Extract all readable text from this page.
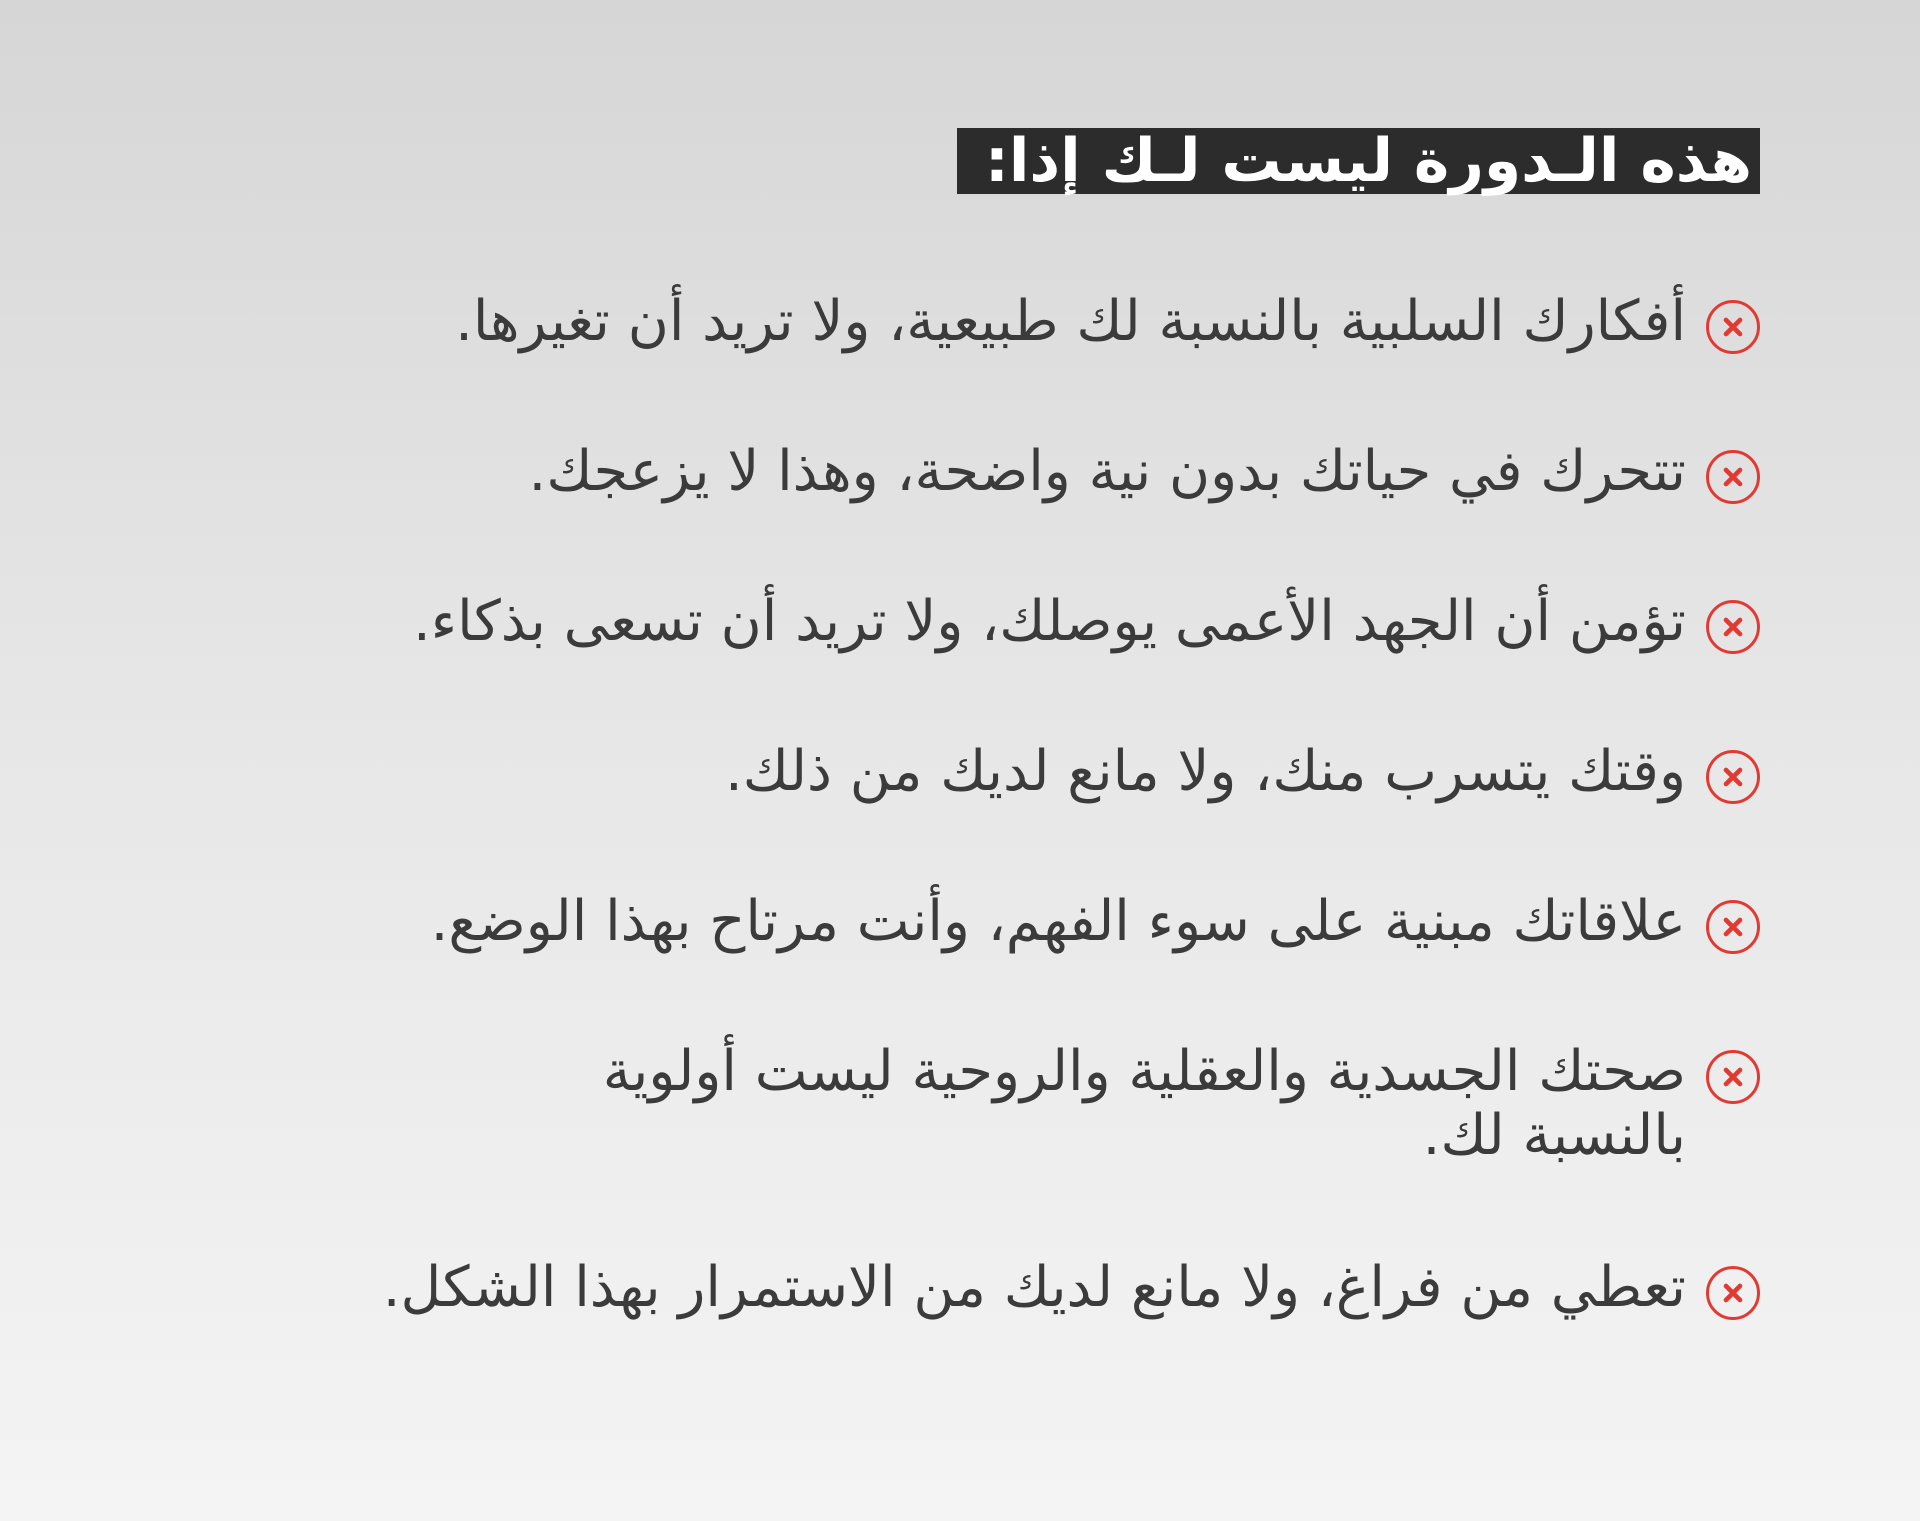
هذه الـدورة ليست لـك إذا:
أفكارك السلبية بالنسبة لك طبيعية، ولا تريد أن تغيرها.
تتحرك في حياتك بدون نية واضحة، وهذا لا يزعجك.
تؤمن أن الجهد الأعمى يوصلك، ولا تريد أن تسعى بذكاء.
وقتك يتسرب منك، ولا مانع لديك من ذلك.
علاقاتك مبنية على سوء الفهم، وأنت مرتاح بهذا الوضع.
صحتك الجسدية والعقلية والروحية ليست أولوية بالنسبة لك.
تعطي من فراغ، ولا مانع لديك من الاستمرار بهذا الشكل.
